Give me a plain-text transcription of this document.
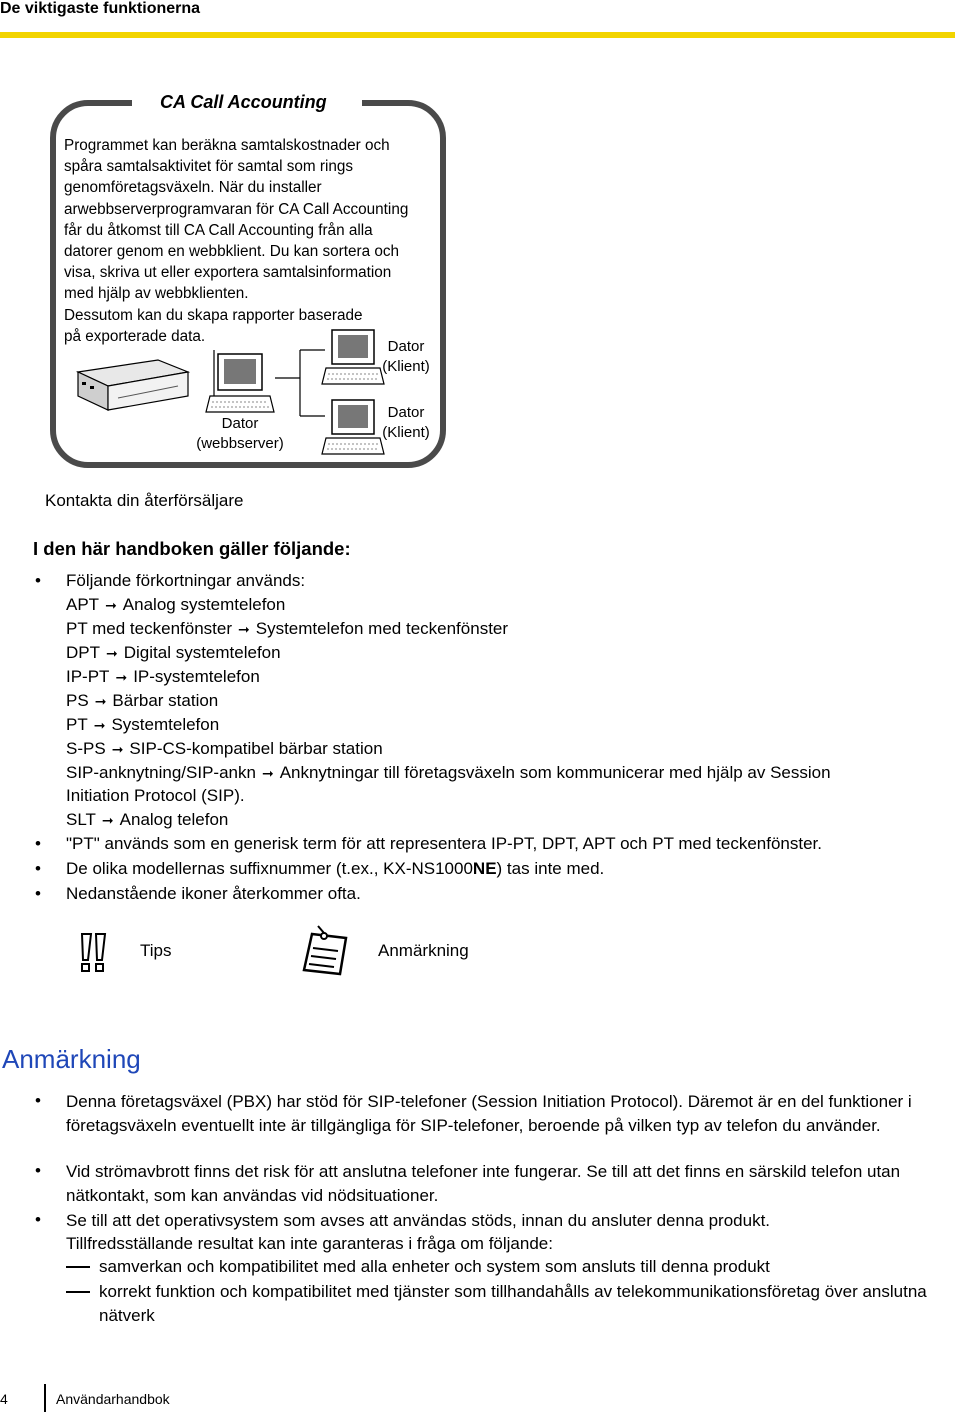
De viktigaste funktionerna
CA Call Accounting
Programmet kan beräkna samtalskostnader och
spåra samtalsaktivitet för samtal som rings
genomföretagsväxeln. När du installer
arwebbserverprogramvaran för CA Call Accounting
får du åtkomst till CA Call Accounting från alla
datorer genom en webbklient. Du kan sortera och
visa, skriva ut eller exportera samtalsinformation
med hjälp av webbklienten.
Dessutom kan du skapa rapporter baserade
på exporterade data.
Dator
(webbserver)
Dator
(Klient)
Dator
(Klient)
Kontakta din återförsäljare
I den här handboken gäller följande:
• Följande förkortningar används:
APT ➞ Analog systemtelefon
PT med teckenfönster ➞ Systemtelefon med teckenfönster
DPT ➞ Digital systemtelefon
IP-PT ➞ IP-systemtelefon
PS ➞ Bärbar station
PT ➞ Systemtelefon
S-PS ➞ SIP-CS-kompatibel bärbar station
SIP-anknytning/SIP-ankn ➞ Anknytningar till företagsväxeln som kommunicerar med hjälp av Session
Initiation Protocol (SIP).
SLT ➞ Analog telefon
• "PT" används som en generisk term för att representera IP-PT, DPT, APT och PT med teckenfönster.
• De olika modellernas suffixnummer (t.ex., KX-NS1000NE) tas inte med.
• Nedanstående ikoner återkommer ofta.
Tips	Anmärkning
Anmärkning
• Denna företagsväxel (PBX) har stöd för SIP-telefoner (Session Initiation Protocol). Däremot är en del funktioner i företagsväxeln eventuellt inte är tillgängliga för SIP-telefoner, beroende på vilken typ av telefon du använder.
• Vid strömavbrott finns det risk för att anslutna telefoner inte fungerar. Se till att det finns en särskild telefon utan nätkontakt, som kan användas vid nödsituationer.
• Se till att det operativsystem som avses att användas stöds, innan du ansluter denna produkt.
Tillfredsställande resultat kan inte garanteras i fråga om följande:
samverkan och kompatibilitet med alla enheter och system som ansluts till denna produkt
korrekt funktion och kompatibilitet med tjänster som tillhandahålls av telekommunikationsföretag över anslutna nätverk
4	Användarhandbok
